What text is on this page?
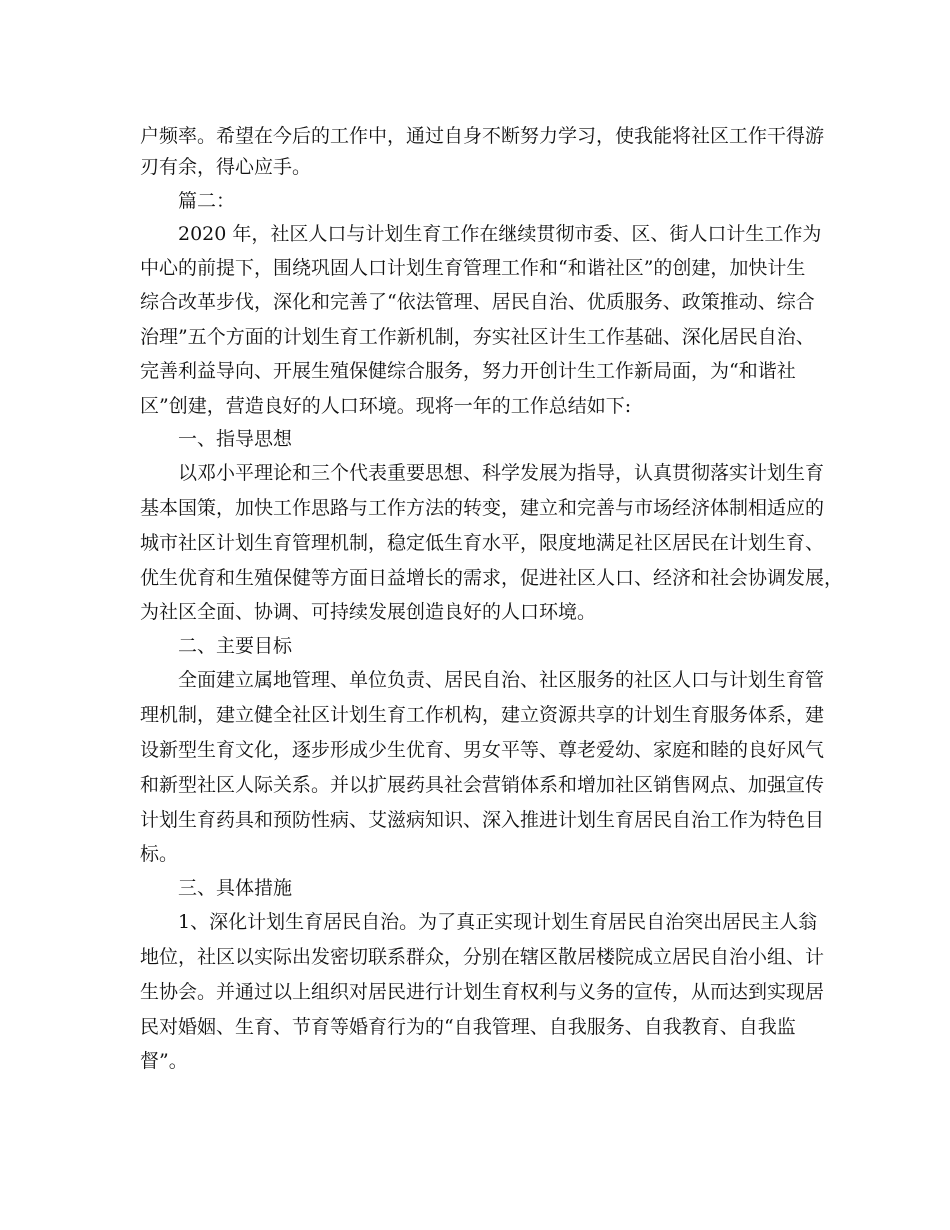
户频率。希望在今后的工作中，通过自身不断努力学习，使我能将社区工作干得游
刃有余，得心应手。
篇二：
2020 年，社区人口与计划生育工作在继续贯彻市委、区、街人口计生工作为
中心的前提下，围绕巩固人口计划生育管理工作和“和谐社区”的创建，加快计生
综合改革步伐，深化和完善了“依法管理、居民自治、优质服务、政策推动、综合
治理”五个方面的计划生育工作新机制，夯实社区计生工作基础、深化居民自治、
完善利益导向、开展生殖保健综合服务，努力开创计生工作新局面，为“和谐社
区”创建，营造良好的人口环境。现将一年的工作总结如下:
一、指导思想
以邓小平理论和三个代表重要思想、科学发展为指导，认真贯彻落实计划生育
基本国策，加快工作思路与工作方法的转变，建立和完善与市场经济体制相适应的
城市社区计划生育管理机制，稳定低生育水平，限度地满足社区居民在计划生育、
优生优育和生殖保健等方面日益增长的需求，促进社区人口、经济和社会协调发展，
为社区全面、协调、可持续发展创造良好的人口环境。
二、主要目标
全面建立属地管理、单位负责、居民自治、社区服务的社区人口与计划生育管
理机制，建立健全社区计划生育工作机构，建立资源共享的计划生育服务体系，建
设新型生育文化，逐步形成少生优育、男女平等、尊老爱幼、家庭和睦的良好风气
和新型社区人际关系。并以扩展药具社会营销体系和增加社区销售网点、加强宣传
计划生育药具和预防性病、艾滋病知识、深入推进计划生育居民自治工作为特色目
标。
三、具体措施
1、深化计划生育居民自治。为了真正实现计划生育居民自治突出居民主人翁
地位，社区以实际出发密切联系群众，分别在辖区散居楼院成立居民自治小组、计
生协会。并通过以上组织对居民进行计划生育权利与义务的宣传，从而达到实现居
民对婚姻、生育、节育等婚育行为的“自我管理、自我服务、自我教育、自我监
督”。
